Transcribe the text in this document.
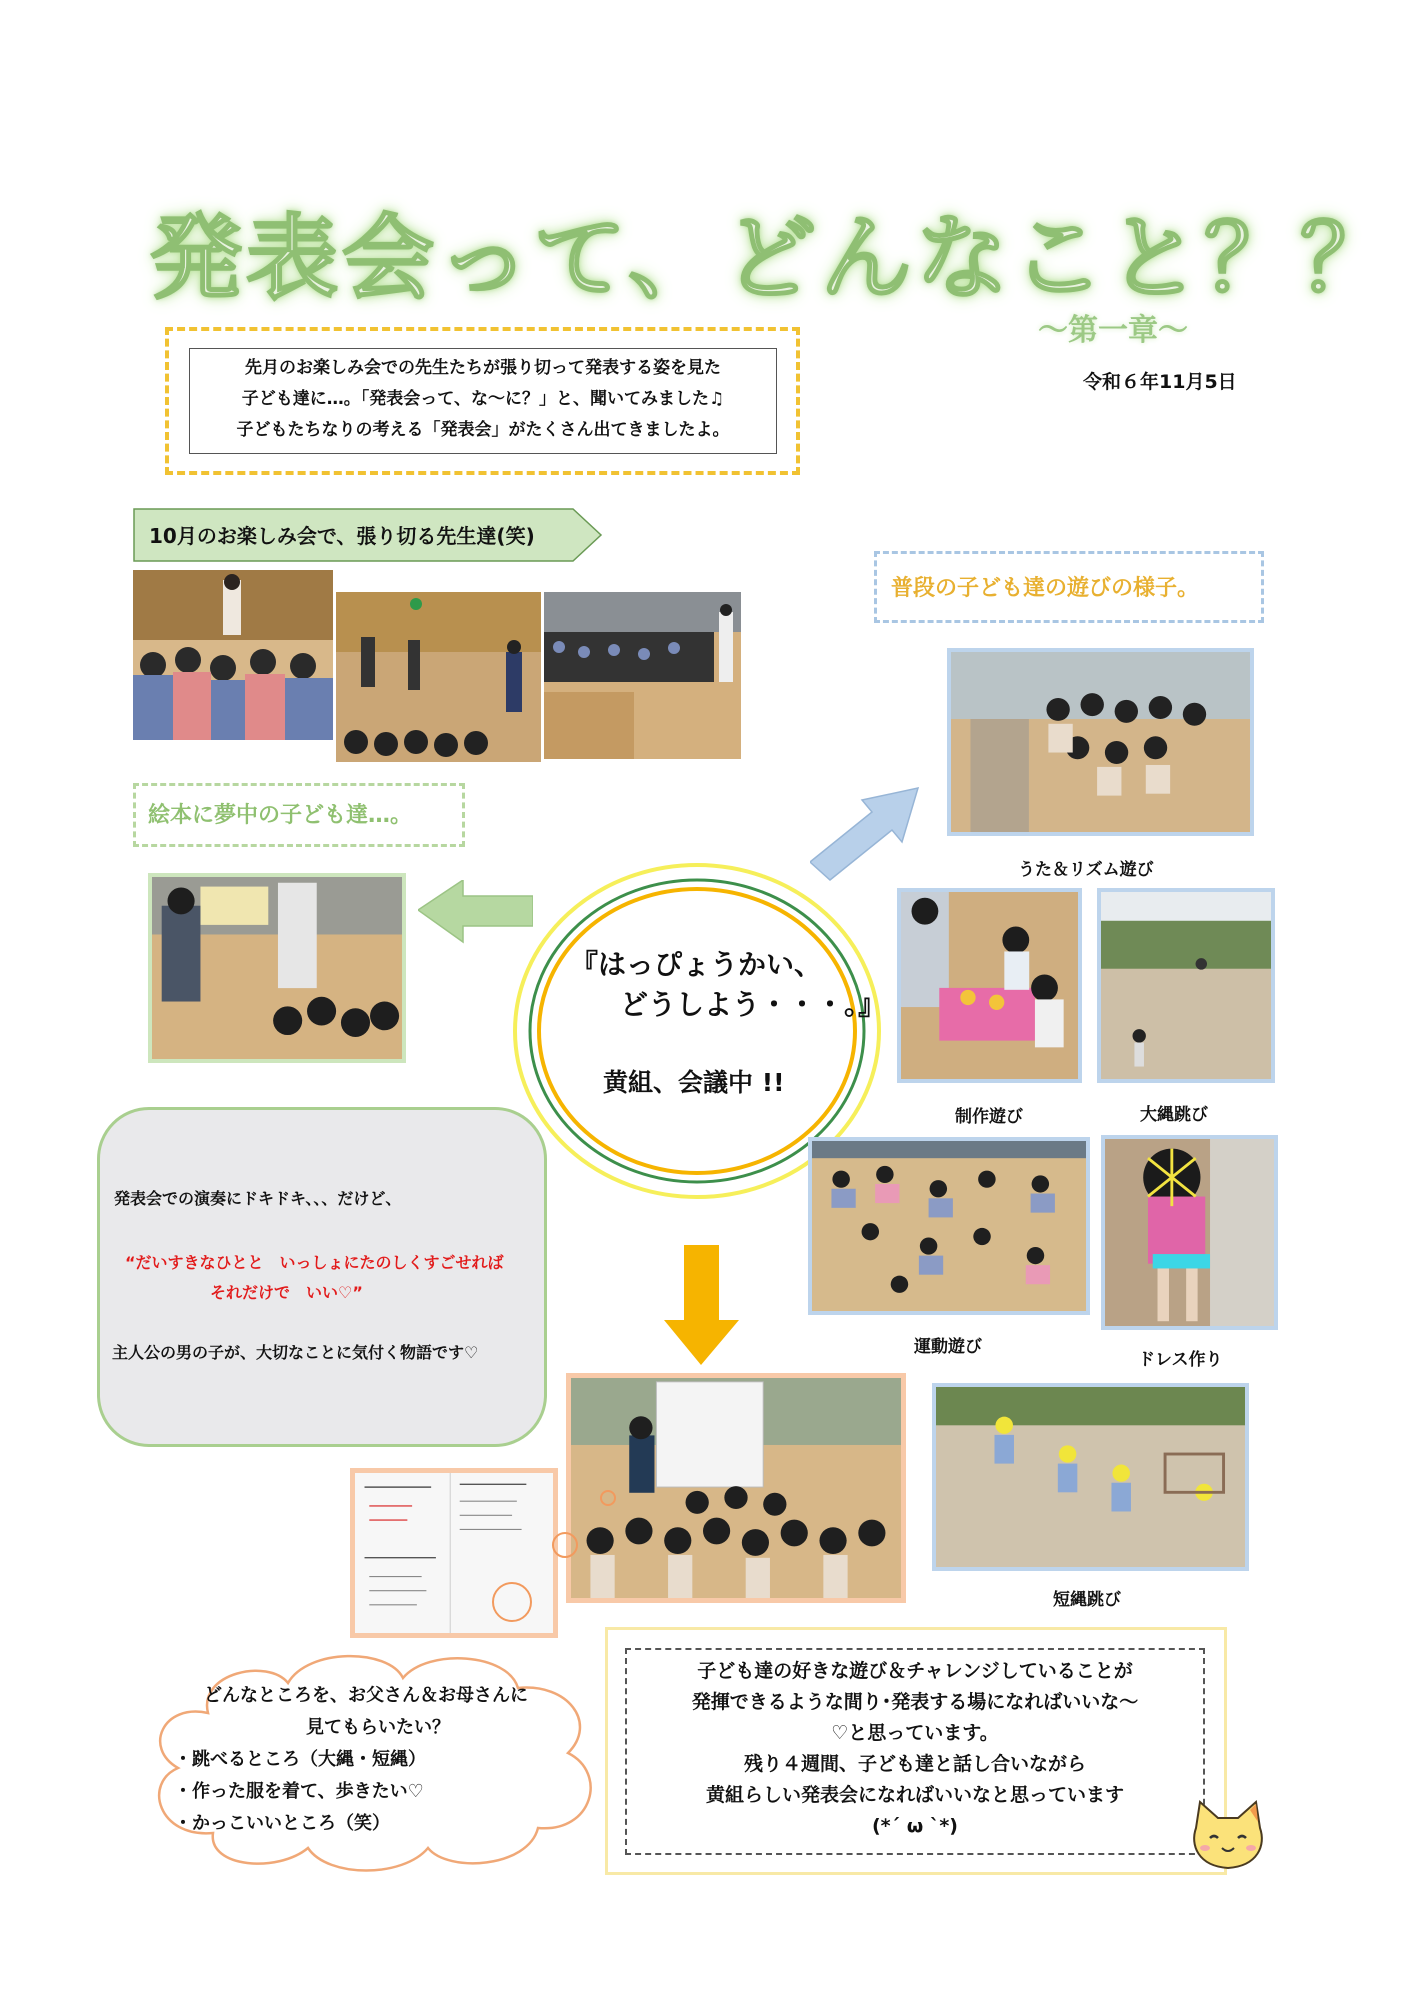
発表会って、どんなこと？？
〜第一章〜
令和６年11月5日
先月のお楽しみ会での先生たちが張り切って発表する姿を見た
子ども達に…。「発表会って、な〜に？」と、聞いてみました♫
子どもたちなりの考える「発表会」がたくさん出てきましたよ。
10月のお楽しみ会で、張り切る先生達(笑)
絵本に夢中の子ども達…。
普段の子ども達の遊びの様子。
『はっぴょうかい、
どうしよう・・・。』
黄組、会議中 !!
うた＆リズム遊び
制作遊び	大縄跳び
運動遊び
ドレス作り
短縄跳び
発表会での演奏にドキドキ、、、だけど、
“だいすきなひとと　いっしょにたのしくすごせれば
それだけで　いい♡”
主人公の男の子が、大切なことに気付く物語です♡
どんなところを、お父さん＆お母さんに
見てもらいたい？
・跳べるところ（大縄・短縄）
・作った服を着て、歩きたい♡
・かっこいいところ（笑）
子ども達の好きな遊び＆チャレンジしていることが
発揮できるような間り･発表する場になればいいな〜
♡と思っています。
残り４週間、子ども達と話し合いながら
黄組らしい発表会になればいいなと思っています
(*ˊ ω ˋ*)
